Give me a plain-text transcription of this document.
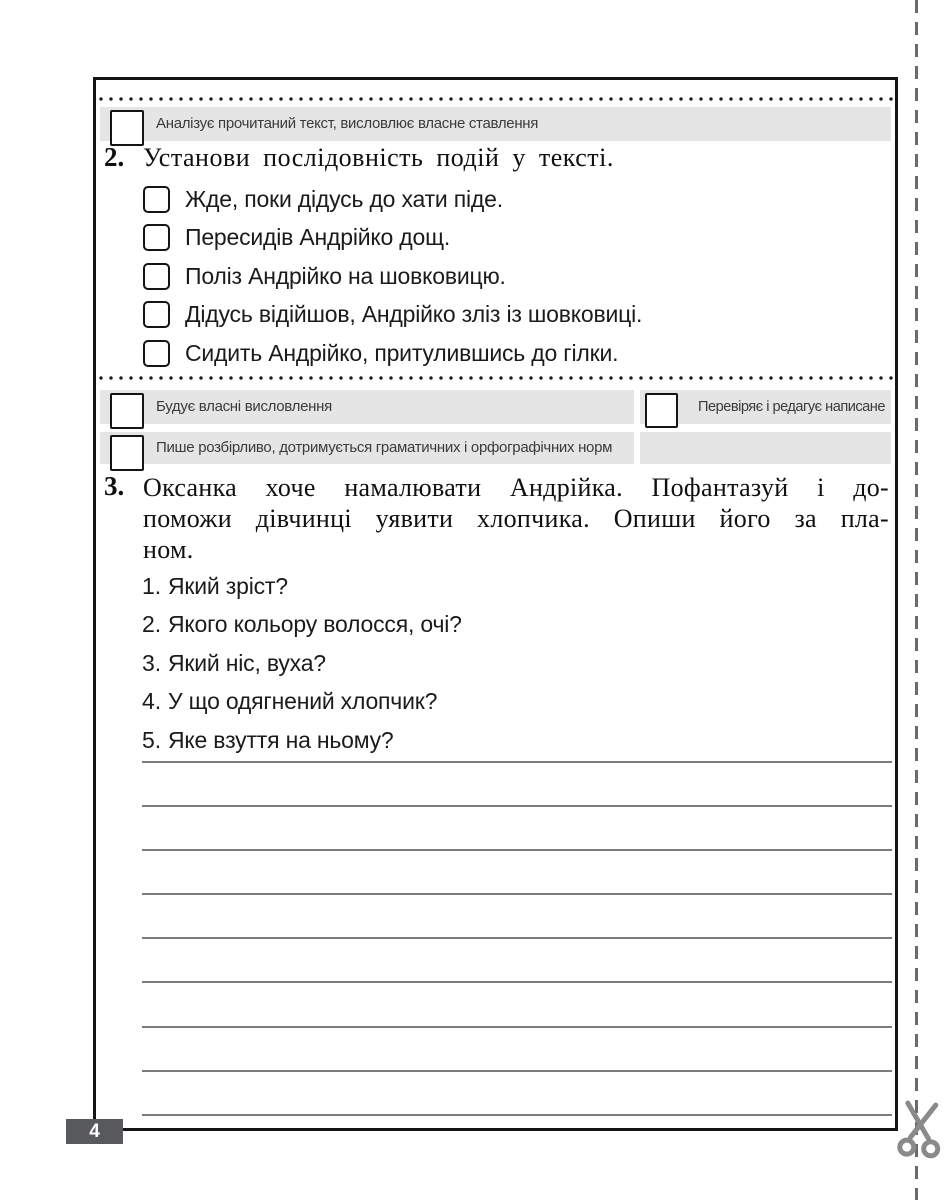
Аналізує прочитаний текст, висловлює власне ставлення
2. Установи послідовність подій у тексті.
Жде, поки дідусь до хати піде.
Пересидів Андрійко дощ.
Поліз Андрійко на шовковицю.
Дідусь відійшов, Андрійко зліз із шовковиці.
Сидить Андрійко, притулившись до гілки.
Будує власні висловлення	Перевіряє і редагує написане
Пише розбірливо, дотримується граматичних і орфографічних норм
3. Оксанка хоче намалювати Андрійка. Пофантазуй і до-
поможи дівчинці уявити хлопчика. Опиши його за пла-
ном.
1. Який зріст?
2. Якого кольору волосся, очі?
3. Який ніс, вуха?
4. У що одягнений хлопчик?
5. Яке взуття на ньому?
4
